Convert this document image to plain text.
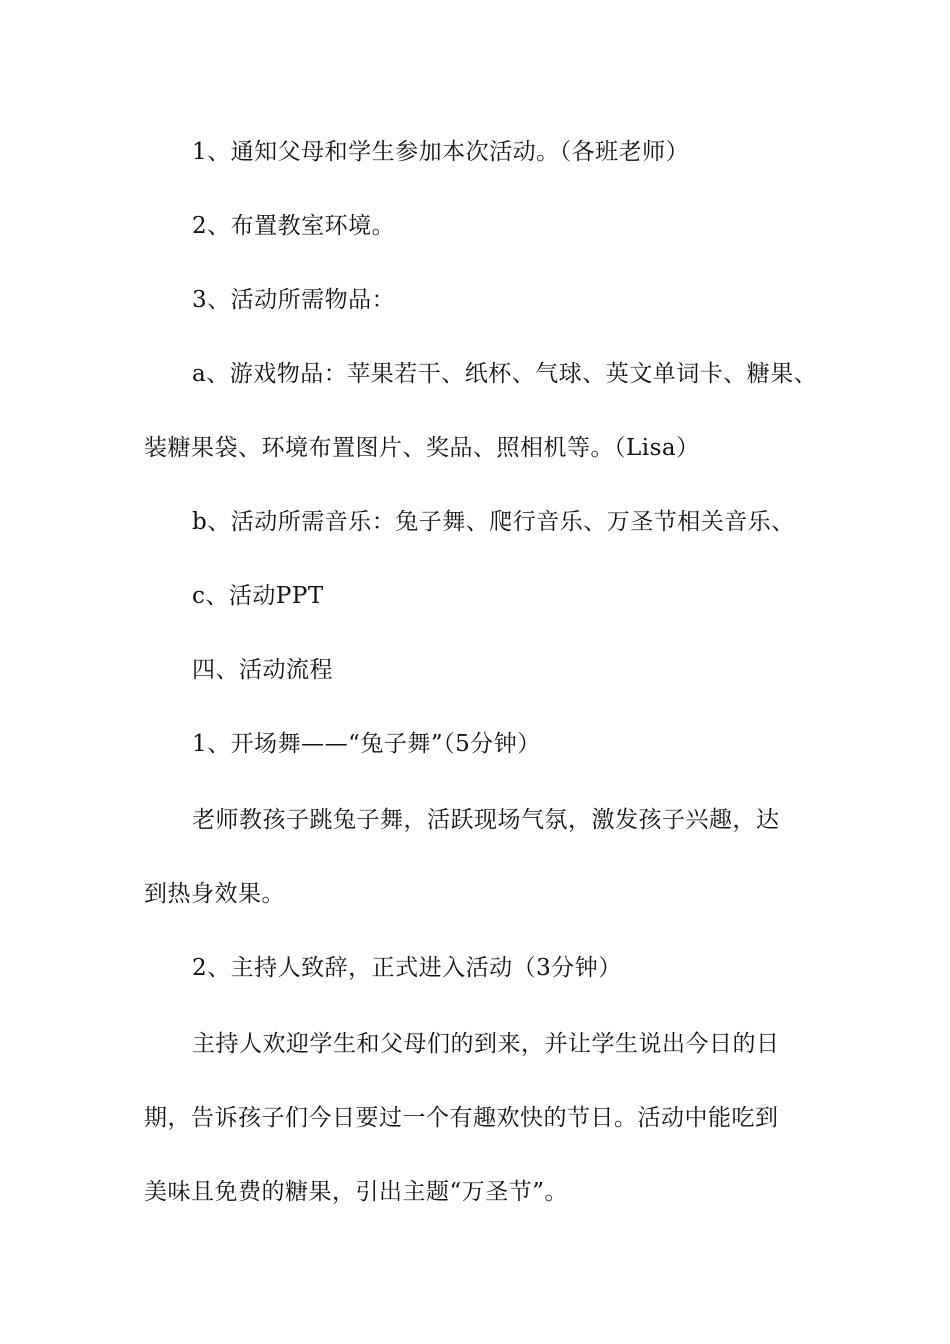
1、通知父母和学生参加本次活动。（各班老师）
2、布置教室环境。
3、活动所需物品：
a、游戏物品：苹果若干、纸杯、气球、英文单词卡、糖果、
装糖果袋、环境布置图片、奖品、照相机等。（Lisa）
b、活动所需音乐：兔子舞、爬行音乐、万圣节相关音乐、
c、活动PPT
四、活动流程
1、开场舞——“兔子舞”（5分钟）
老师教孩子跳兔子舞，活跃现场气氛，激发孩子兴趣，达
到热身效果。
2、主持人致辞，正式进入活动（3分钟）
主持人欢迎学生和父母们的到来，并让学生说出今日的日
期，告诉孩子们今日要过一个有趣欢快的节日。活动中能吃到
美味且免费的糖果，引出主题“万圣节”。
